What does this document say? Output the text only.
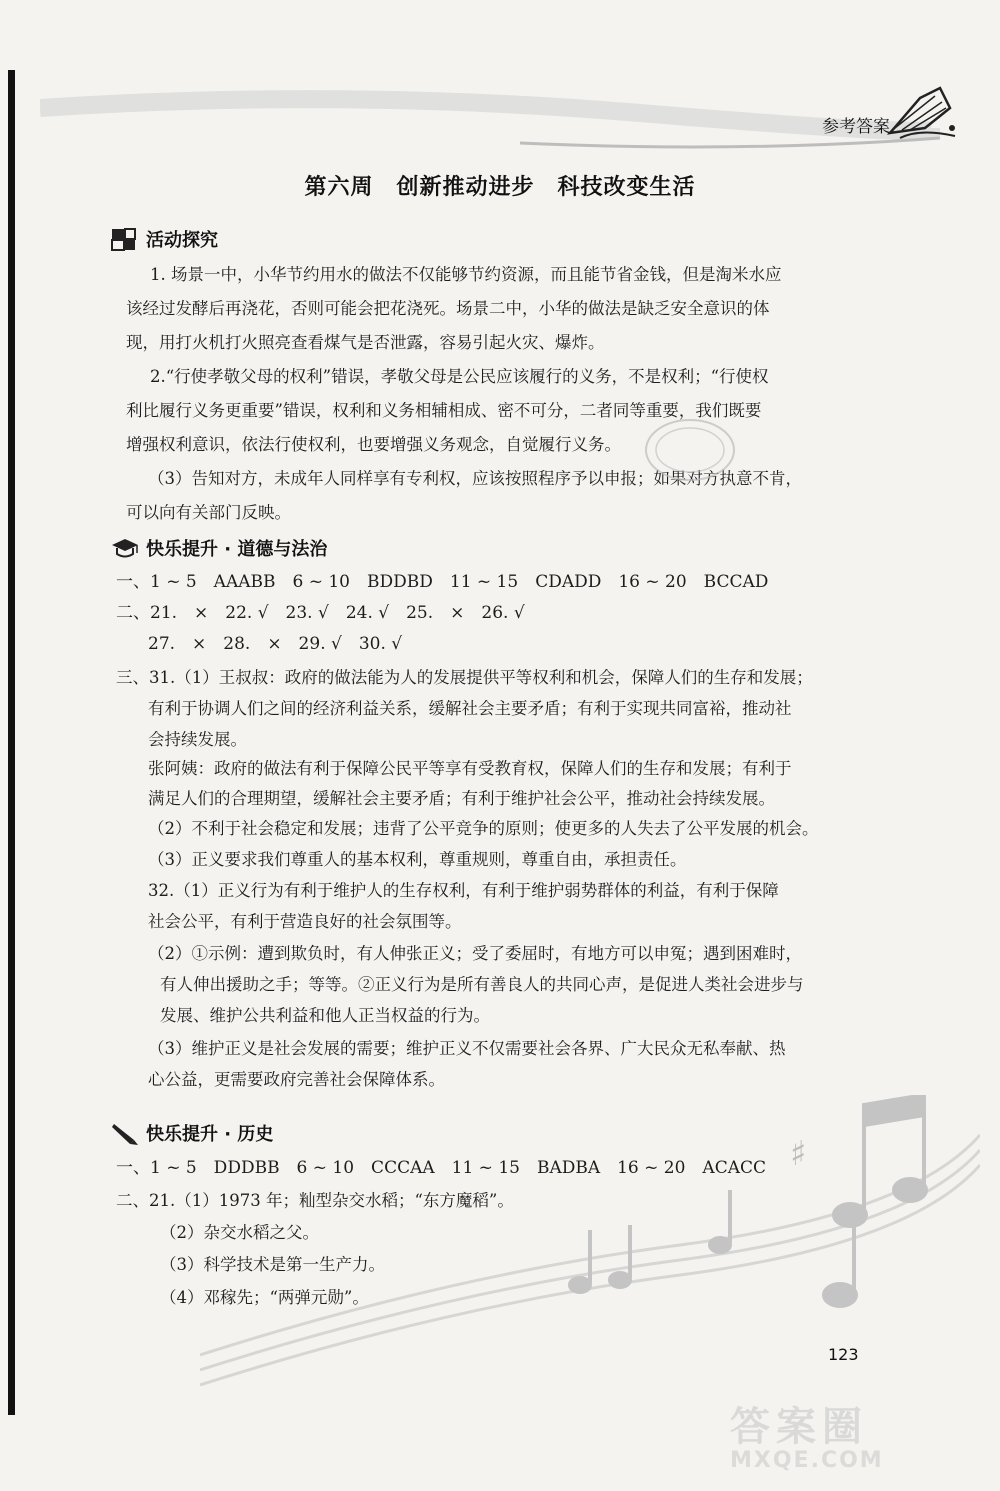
参考答案
第六周　创新推动进步　科技改变生活
活动探究
1. 场景一中，小华节约用水的做法不仅能够节约资源，而且能节省金钱，但是淘米水应
该经过发酵后再浇花，否则可能会把花浇死。场景二中，小华的做法是缺乏安全意识的体
现，用打火机打火照亮查看煤气是否泄露，容易引起火灾、爆炸。
2.“行使孝敬父母的权利”错误，孝敬父母是公民应该履行的义务，不是权利；“行使权
利比履行义务更重要”错误，权利和义务相辅相成、密不可分，二者同等重要，我们既要
增强权利意识，依法行使权利，也要增强义务观念，自觉履行义务。
（3）告知对方，未成年人同样享有专利权，应该按照程序予以申报；如果对方执意不肯，
可以向有关部门反映。
快乐提升 · 道德与法治
一、1 ~ 5　AAABB　6 ~ 10　BDDBD　11 ~ 15　CDADD　16 ~ 20　BCCAD
二、21.　×　22. √　23. √　24. √　25.　×　26. √
27.　×　28.　×　29. √　30. √
三、31.（1）王叔叔：政府的做法能为人的发展提供平等权利和机会，保障人们的生存和发展；
有利于协调人们之间的经济利益关系，缓解社会主要矛盾；有利于实现共同富裕，推动社
会持续发展。
张阿姨：政府的做法有利于保障公民平等享有受教育权，保障人们的生存和发展；有利于
满足人们的合理期望，缓解社会主要矛盾；有利于维护社会公平，推动社会持续发展。
（2）不利于社会稳定和发展；违背了公平竞争的原则；使更多的人失去了公平发展的机会。
（3）正义要求我们尊重人的基本权利，尊重规则，尊重自由，承担责任。
32.（1）正义行为有利于维护人的生存权利，有利于维护弱势群体的利益，有利于保障
社会公平，有利于营造良好的社会氛围等。
（2）①示例：遭到欺负时，有人伸张正义；受了委屈时，有地方可以申冤；遇到困难时，
有人伸出援助之手；等等。②正义行为是所有善良人的共同心声，是促进人类社会进步与
发展、维护公共利益和他人正当权益的行为。
（3）维护正义是社会发展的需要；维护正义不仅需要社会各界、广大民众无私奉献、热
心公益，更需要政府完善社会保障体系。
快乐提升 · 历史
一、1 ~ 5　DDDBB　6 ~ 10　CCCAA　11 ~ 15　BADBA　16 ~ 20　ACACC
二、21.（1）1973 年；籼型杂交水稻；“东方魔稻”。
（2）杂交水稻之父。
（3）科学技术是第一生产力。
（4）邓稼先；“两弹元勋”。
♯
123
答案圈
MXQE.COM
